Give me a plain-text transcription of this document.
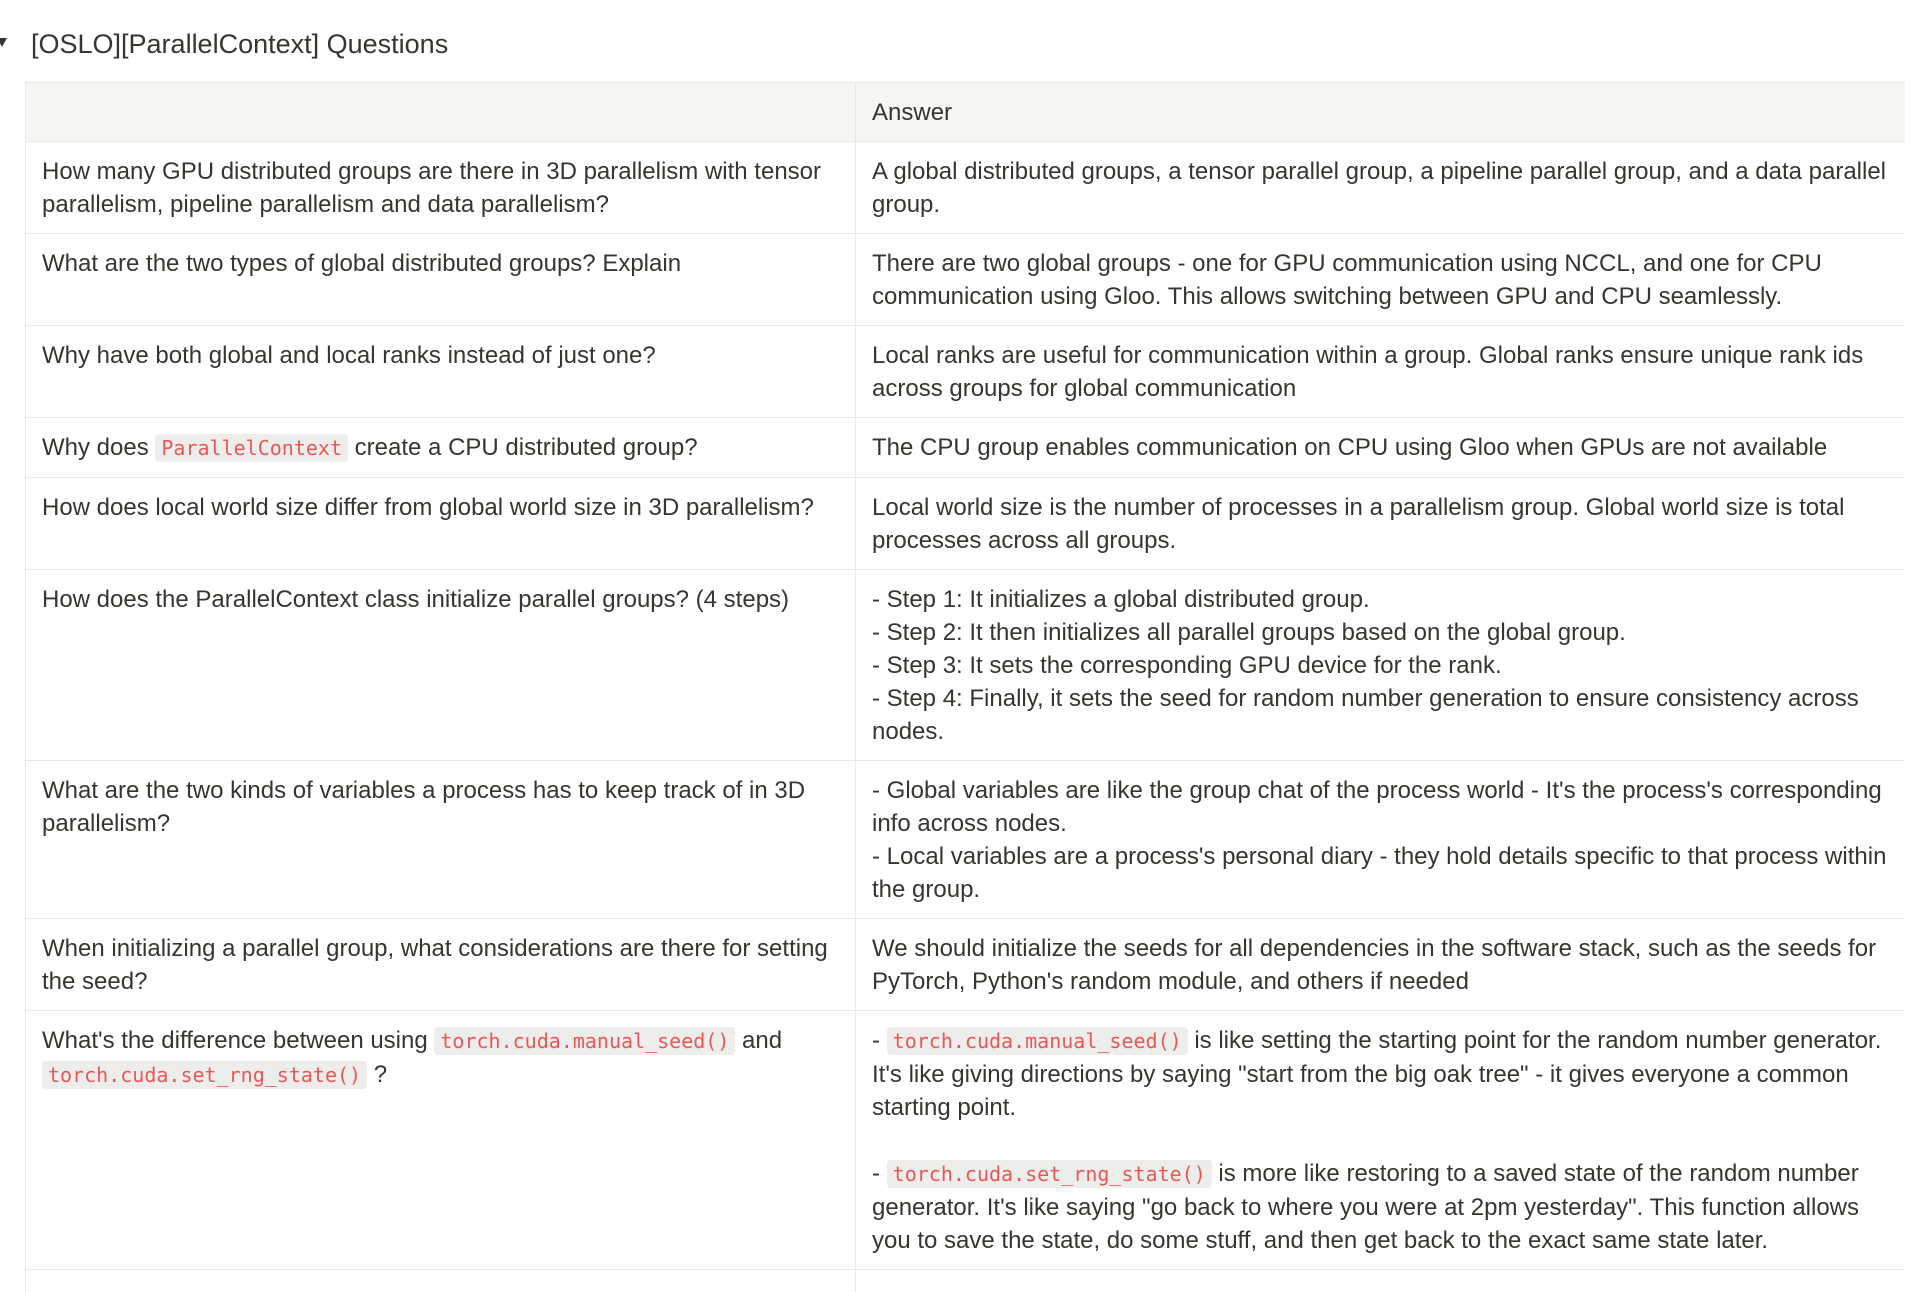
[OSLO][ParallelContext] Questions
	Answer
How many GPU distributed groups are there in 3D parallelism with tensor parallelism, pipeline parallelism and data parallelism?	A global distributed groups, a tensor parallel group, a pipeline parallel group, and a data parallel group.
What are the two types of global distributed groups? Explain	There are two global groups - one for GPU communication using NCCL, and one for CPU communication using Gloo. This allows switching between GPU and CPU seamlessly.
Why have both global and local ranks instead of just one?	Local ranks are useful for communication within a group. Global ranks ensure unique rank ids across groups for global communication
Why does ParallelContext create a CPU distributed group?	The CPU group enables communication on CPU using Gloo when GPUs are not available
How does local world size differ from global world size in 3D parallelism?	Local world size is the number of processes in a parallelism group. Global world size is total processes across all groups.
How does the ParallelContext class initialize parallel groups? (4 steps)	- Step 1: It initializes a global distributed group.
- Step 2: It then initializes all parallel groups based on the global group.
- Step 3: It sets the corresponding GPU device for the rank.
- Step 4: Finally, it sets the seed for random number generation to ensure consistency across nodes.

What are the two kinds of variables a process has to keep track of in 3D parallelism?	- Global variables are like the group chat of the process world - It's the process's corresponding info across nodes.
- Local variables are a process's personal diary - they hold details specific to that process within the group.

When initializing a parallel group, what considerations are there for setting the seed?	We should initialize the seeds for all dependencies in the software stack, such as the seeds for PyTorch, Python's random module, and others if needed
What's the difference between using torch.cuda.manual_seed() and torch.cuda.set_rng_state() ?	- torch.cuda.manual_seed() is like setting the starting point for the random number generator. It's like giving directions by saying "start from the big oak tree" - it gives everyone a common starting point.
- torch.cuda.set_rng_state() is more like restoring to a saved state of the random number generator. It's like saying "go back to where you were at 2pm yesterday". This function allows you to save the state, do some stuff, and then get back to the exact same state later.
